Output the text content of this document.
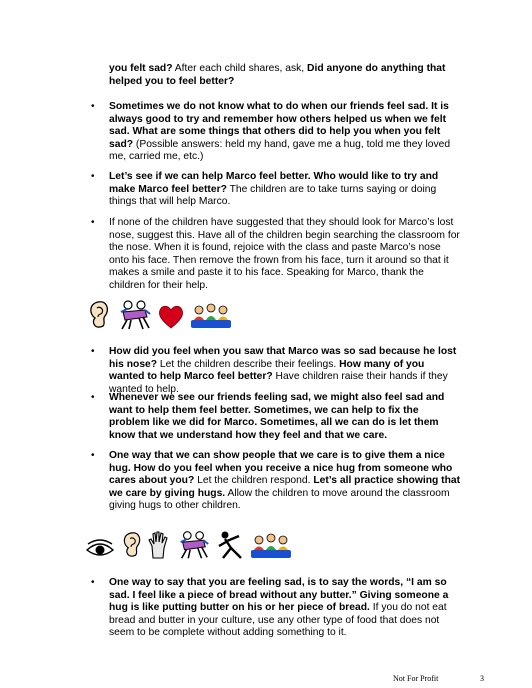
you felt sad? After each child shares, ask, Did anyone do anything that helped you to feel better?
• Sometimes we do not know what to do when our friends feel sad. It is always good to try and remember how others helped us when we felt sad. What are some things that others did to help you when you felt sad? (Possible answers: held my hand, gave me a hug, told me they loved me, carried me, etc.)
• Let’s see if we can help Marco feel better. Who would like to try and make Marco feel better? The children are to take turns saying or doing things that will help Marco.
• If none of the children have suggested that they should look for Marco’s lost nose, suggest this. Have all of the children begin searching the classroom for the nose. When it is found, rejoice with the class and paste Marco’s nose onto his face. Then remove the frown from his face, turn it around so that it makes a smile and paste it to his face. Speaking for Marco, thank the children for their help.
• How did you feel when you saw that Marco was so sad because he lost his nose? Let the children describe their feelings. How many of you wanted to help Marco feel better? Have children raise their hands if they wanted to help.
• Whenever we see our friends feeling sad, we might also feel sad and want to help them feel better. Sometimes, we can help to fix the problem like we did for Marco. Sometimes, all we can do is let them know that we understand how they feel and that we care.
• One way that we can show people that we care is to give them a nice hug. How do you feel when you receive a nice hug from someone who cares about you? Let the children respond. Let’s all practice showing that we care by giving hugs. Allow the children to move around the classroom giving hugs to other children.
• One way to say that you are feeling sad, is to say the words, “I am so sad. I feel like a piece of bread without any butter.” Giving someone a hug is like putting butter on his or her piece of bread. If you do not eat bread and butter in your culture, use any other type of food that does not seem to be complete without adding something to it.
Not For Profit	3
